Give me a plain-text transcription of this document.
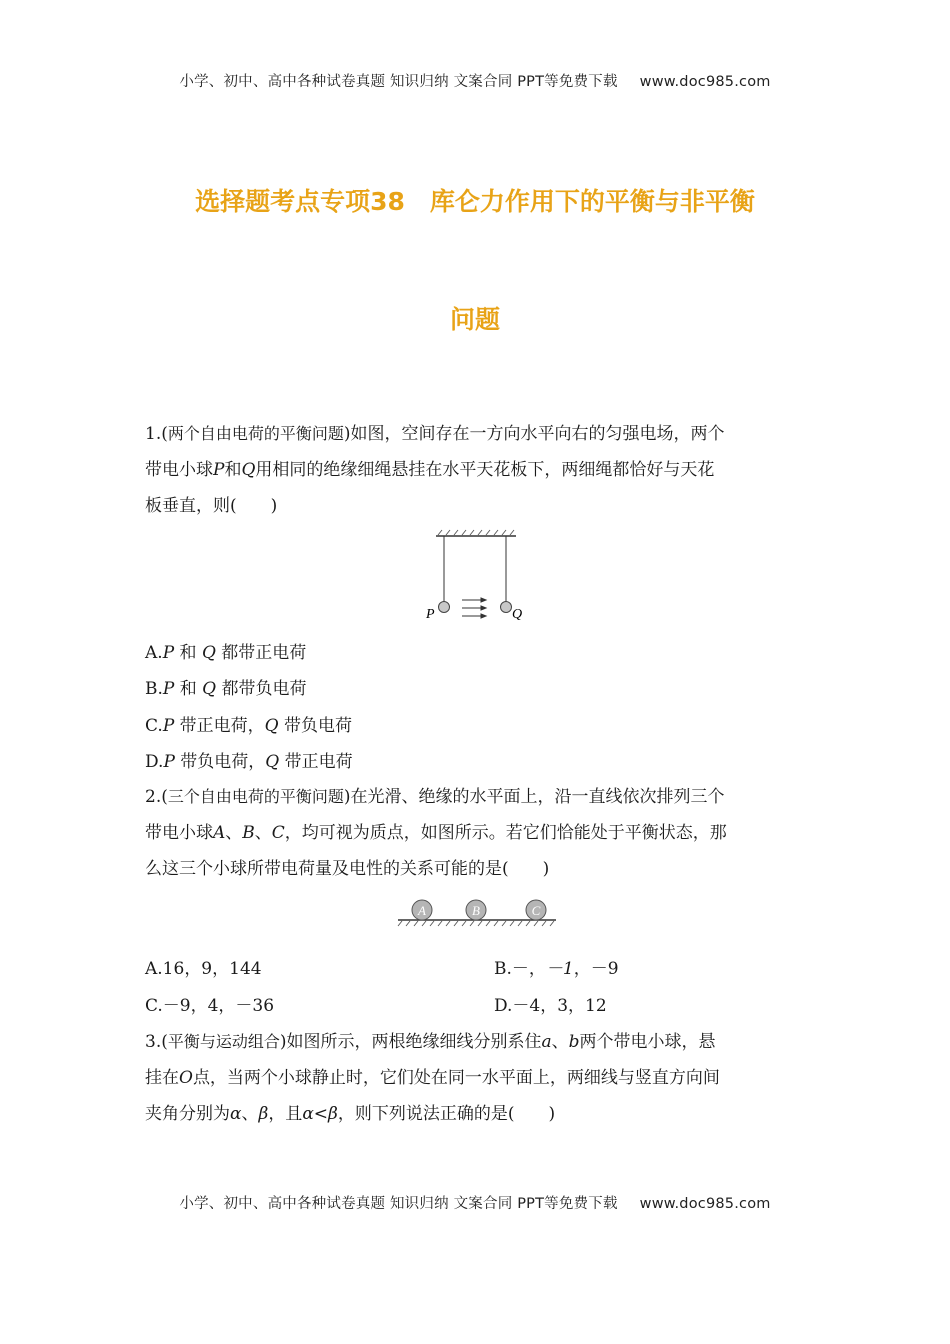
小学、初中、高中各种试卷真题 知识归纳 文案合同 PPT等免费下载 www.doc985.com
选择题考点专项38　库仑力作用下的平衡与非平衡
问题
1.(两个自由电荷的平衡问题)如图，空间存在一方向水平向右的匀强电场，两个
带电小球P和Q用相同的绝缘细绳悬挂在水平天花板下，两细绳都恰好与天花
板垂直，则(　　)
P	Q
A.P 和 Q 都带正电荷
B.P 和 Q 都带负电荷
C.P 带正电荷，Q 带负电荷
D.P 带负电荷，Q 带正电荷
2.(三个自由电荷的平衡问题)在光滑、绝缘的水平面上，沿一直线依次排列三个
带电小球A、B、C，均可视为质点，如图所示。若它们恰能处于平衡状态，那
么这三个小球所带电荷量及电性的关系可能的是(　　)
A	B	C
A.16，9，144	B.－，－1，－9
C.－9，4，－36	D.－4，3，12
3.(平衡与运动组合)如图所示，两根绝缘细线分别系住a、b两个带电小球，悬
挂在O点，当两个小球静止时，它们处在同一水平面上，两细线与竖直方向间
夹角分别为α、β，且α<β，则下列说法正确的是(　　)
小学、初中、高中各种试卷真题 知识归纳 文案合同 PPT等免费下载 www.doc985.com
